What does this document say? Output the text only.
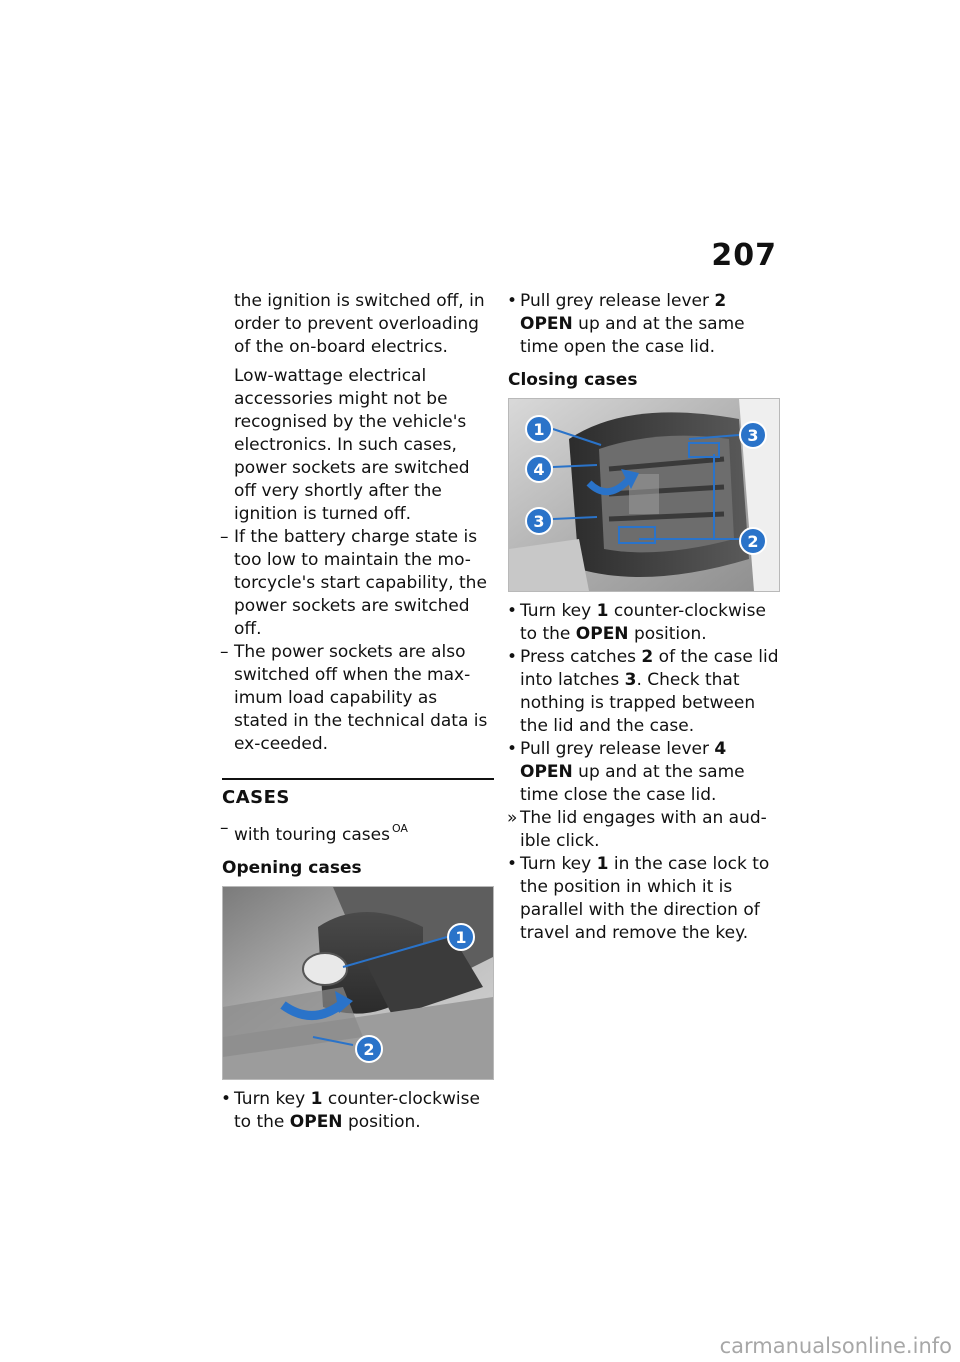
207

the ignition is switched off, in order to prevent overloading of the on-board electrics.

Low-wattage electrical accessories might not be recognised by the vehicle's electronics. In such cases, power sockets are switched off very shortly after the ignition is turned off.

– If the battery charge state is too low to maintain the mo-torcycle's start capability, the power sockets are switched off.
– The power sockets are also switched off when the max-imum load capability as stated in the technical data is ex-ceeded.
CASES
– with touring cases $^{OA}$
Opening cases
1
2
• Turn key 1 counter-clockwise to the OPEN position.
• Pull grey release lever 2
OPEN up and at the same time open the case lid.
Closing cases
1
4
3
3
2
• Turn key 1 counter-clockwise to the OPEN position.
• Press catches 2 of the case lid into latches 3. Check that nothing is trapped between the lid and the case.
• Pull grey release lever 4
OPEN up and at the same time close the case lid.
» The lid engages with an aud-ible click.
• Turn key 1 in the case lock to the position in which it is parallel with the direction of travel and remove the key.
carmanualsonline.info
